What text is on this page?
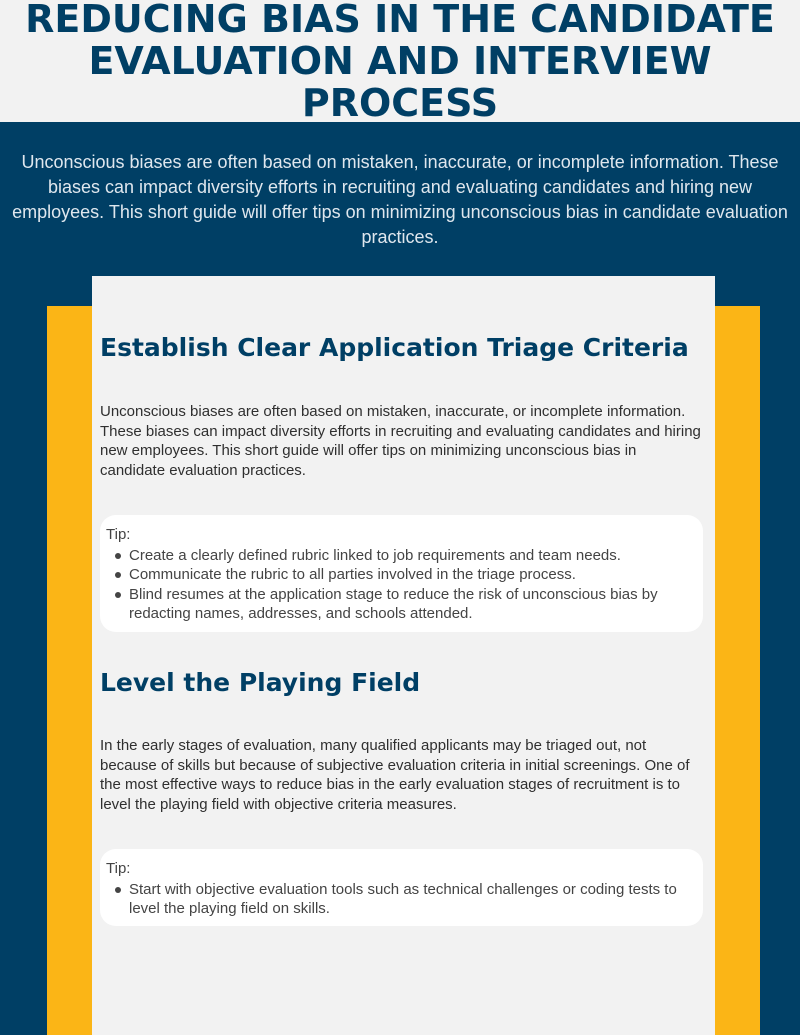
REDUCING BIAS IN THE CANDIDATE
EVALUATION AND INTERVIEW PROCESS

Unconscious biases are often based on mistaken, inaccurate, or incomplete information. These biases can impact diversity efforts in recruiting and evaluating candidates and hiring new employees. This short guide will offer tips on minimizing unconscious bias in candidate evaluation practices.

Establish Clear Application Triage Criteria

Unconscious biases are often based on mistaken, inaccurate, or incomplete information. These biases can impact diversity efforts in recruiting and evaluating candidates and hiring new employees. This short guide will offer tips on minimizing unconscious bias in candidate evaluation practices.

Tip:
Create a clearly defined rubric linked to job requirements and team needs.
Communicate the rubric to all parties involved in the triage process.
Blind resumes at the application stage to reduce the risk of unconscious bias by redacting names, addresses, and schools attended.
Level the Playing Field

In the early stages of evaluation, many qualified applicants may be triaged out, not because of skills but because of subjective evaluation criteria in initial screenings. One of the most effective ways to reduce bias in the early evaluation stages of recruitment is to level the playing field with objective criteria measures.

Tip:
Start with objective evaluation tools such as technical challenges or coding tests to level the playing field on skills.
